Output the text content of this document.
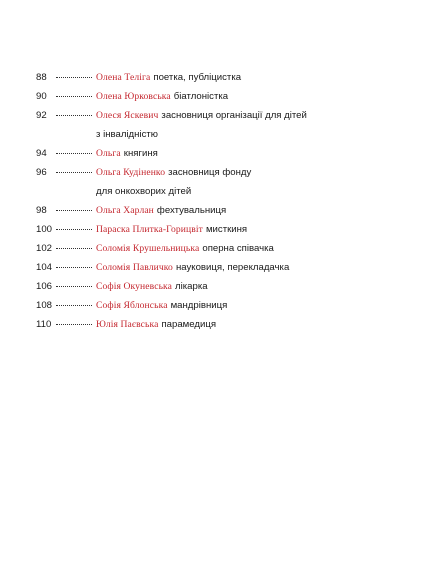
88	Олена Теліга поетка, публіцистка
90	Олена Юрковська біатлоністка
92	Олеся Яскевич засновниця організації для дітей
з інвалідністю
94	Ольга княгиня
96	Ольга Кудіненко засновниця фонду
для онкохворих дітей
98	Ольга Харлан фехтувальниця
100	Параска Плитка-Горицвіт мисткиня
102	Соломія Крушельницька оперна співачка
104	Соломія Павличко науковиця, перекладачка
106	Софія Окуневська лікарка
108	Софія Яблонська мандрівниця
110	Юлія Паєвська парамедиця
